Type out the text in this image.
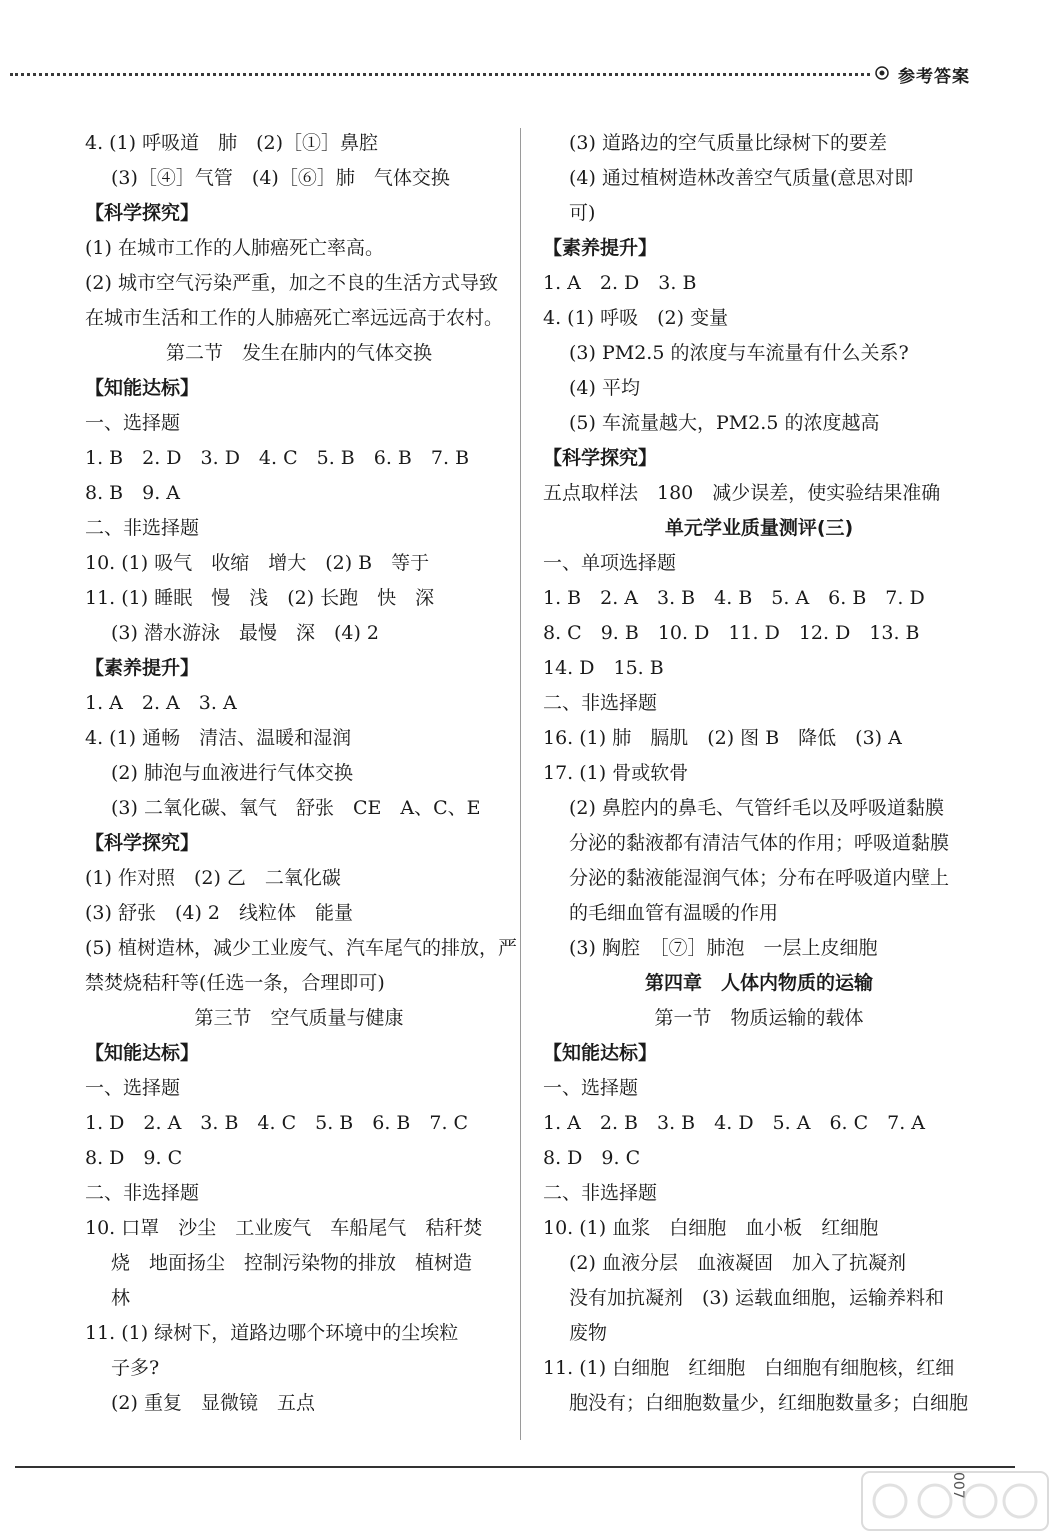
参考答案
4. (1) 呼吸道　肺　(2)［①］鼻腔
(3)［④］气管　(4)［⑥］肺　气体交换
【科学探究】
(1) 在城市工作的人肺癌死亡率高。
(2) 城市空气污染严重，加之不良的生活方式导致
在城市生活和工作的人肺癌死亡率远远高于农村。
第二节　发生在肺内的气体交换
【知能达标】
一、选择题
1. B　2. D　3. D　4. C　5. B　6. B　7. B
8. B　9. A
二、非选择题
10. (1) 吸气　收缩　增大　(2) B　等于
11. (1) 睡眠　慢　浅　(2) 长跑　快　深
(3) 潜水游泳　最慢　深　(4) 2
【素养提升】
1. A　2. A　3. A
4. (1) 通畅　清洁、温暖和湿润
(2) 肺泡与血液进行气体交换
(3) 二氧化碳、氧气　舒张　CE　A、C、E
【科学探究】
(1) 作对照　(2) 乙　二氧化碳
(3) 舒张　(4) 2　线粒体　能量
(5) 植树造林，减少工业废气、汽车尾气的排放，严
禁焚烧秸秆等(任选一条，合理即可)
第三节　空气质量与健康
【知能达标】
一、选择题
1. D　2. A　3. B　4. C　5. B　6. B　7. C
8. D　9. C
二、非选择题
10. 口罩　沙尘　工业废气　车船尾气　秸秆焚
烧　地面扬尘　控制污染物的排放　植树造
林
11. (1) 绿树下，道路边哪个环境中的尘埃粒
子多?
(2) 重复　显微镜　五点
(3) 道路边的空气质量比绿树下的要差
(4) 通过植树造林改善空气质量(意思对即
可)
【素养提升】
1. A　2. D　3. B
4. (1) 呼吸　(2) 变量
(3) PM2.5 的浓度与车流量有什么关系?
(4) 平均
(5) 车流量越大，PM2.5 的浓度越高
【科学探究】
五点取样法　180　减少误差，使实验结果准确
单元学业质量测评(三)
一、单项选择题
1. B　2. A　3. B　4. B　5. A　6. B　7. D
8. C　9. B　10. D　11. D　12. D　13. B
14. D　15. B
二、非选择题
16. (1) 肺　膈肌　(2) 图 B　降低　(3) A
17. (1) 骨或软骨
(2) 鼻腔内的鼻毛、气管纤毛以及呼吸道黏膜
分泌的黏液都有清洁气体的作用；呼吸道黏膜
分泌的黏液能湿润气体；分布在呼吸道内壁上
的毛细血管有温暖的作用
(3) 胸腔　［⑦］肺泡　一层上皮细胞
第四章　人体内物质的运输
第一节　物质运输的载体
【知能达标】
一、选择题
1. A　2. B　3. B　4. D　5. A　6. C　7. A
8. D　9. C
二、非选择题
10. (1) 血浆　白细胞　血小板　红细胞
(2) 血液分层　血液凝固　加入了抗凝剂
没有加抗凝剂　(3) 运载血细胞，运输养料和
废物
11. (1) 白细胞　红细胞　白细胞有细胞核，红细
胞没有；白细胞数量少，红细胞数量多；白细胞
007
